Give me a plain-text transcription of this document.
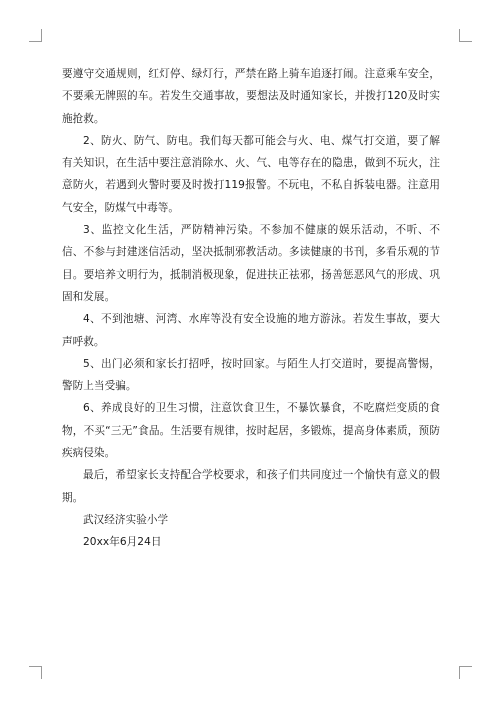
要遵守交通规则，红灯停、绿灯行，严禁在路上骑车追逐打闹。注意乘车安全，不要乘无牌照的车。若发生交通事故，要想法及时通知家长，并拨打120及时实施抢救。

2、防火、防气、防电。我们每天都可能会与火、电、煤气打交道，要了解有关知识，在生活中要注意消除水、火、气、电等存在的隐患，做到不玩火，注意防火，若遇到火警时要及时拨打119报警。不玩电，不私自拆装电器。注意用气安全，防煤气中毒等。

3、监控文化生活，严防精神污染。不参加不健康的娱乐活动，不听、不信、不参与封建迷信活动，坚决抵制邪教活动。多读健康的书刊，多看乐观的节目。要培养文明行为，抵制消极现象，促进扶正祛邪，扬善惩恶风气的形成、巩固和发展。

4、不到池塘、河湾、水库等没有安全设施的地方游泳。若发生事故，要大声呼救。

5、出门必须和家长打招呼，按时回家。与陌生人打交道时，要提高警惕，警防上当受骗。

6、养成良好的卫生习惯，注意饮食卫生，不暴饮暴食，不吃腐烂变质的食物，不买“三无”食品。生活要有规律，按时起居，多锻炼，提高身体素质，预防疾病侵染。

最后，希望家长支持配合学校要求，和孩子们共同度过一个愉快有意义的假期。

武汉经济实验小学

20xx年6月24日
